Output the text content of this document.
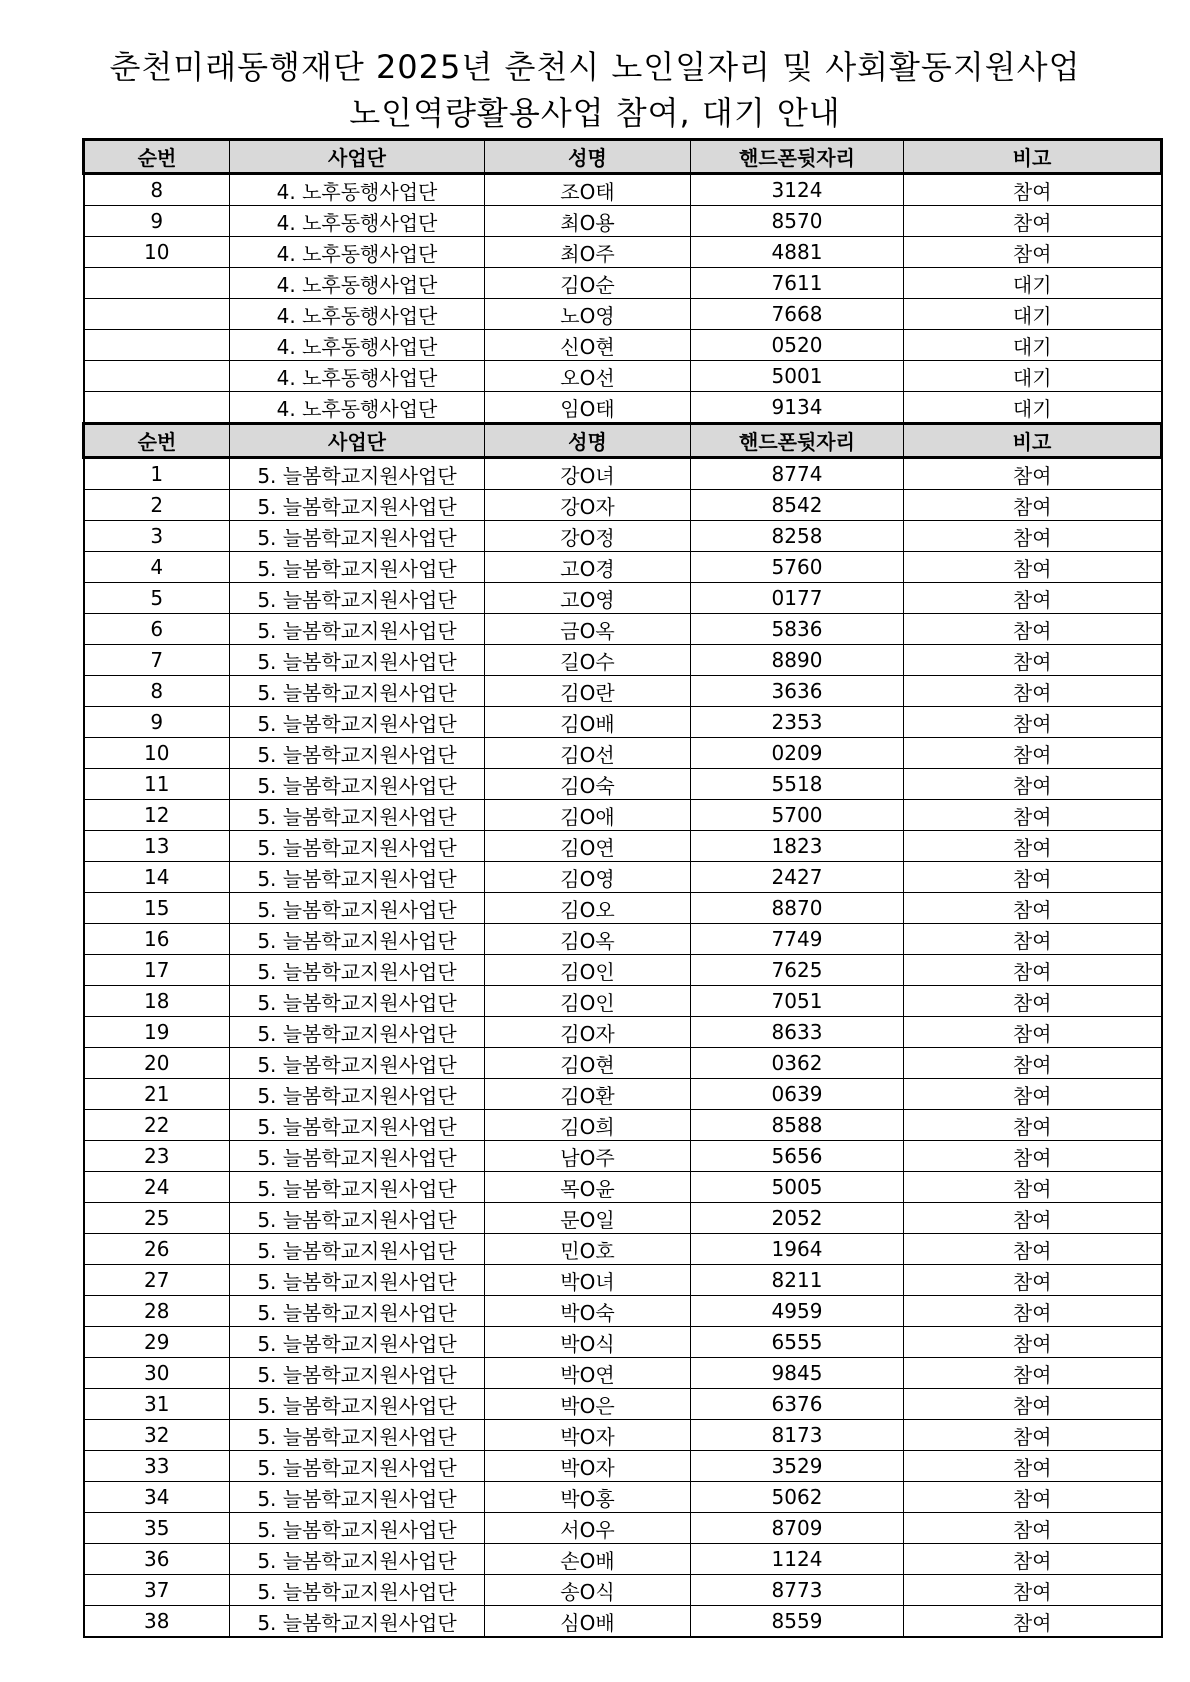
춘천미래동행재단 2025년 춘천시 노인일자리 및 사회활동지원사업
노인역량활용사업 참여, 대기 안내
순번	사업단	성명	핸드폰뒷자리	비고
8	4. 노후동행사업단	조O태	3124	참여
9	4. 노후동행사업단	최O용	8570	참여
10	4. 노후동행사업단	최O주	4881	참여
	4. 노후동행사업단	김O순	7611	대기
	4. 노후동행사업단	노O영	7668	대기
	4. 노후동행사업단	신O현	0520	대기
	4. 노후동행사업단	오O선	5001	대기
	4. 노후동행사업단	임O태	9134	대기
순번	사업단	성명	핸드폰뒷자리	비고
1	5. 늘봄학교지원사업단	강O녀	8774	참여
2	5. 늘봄학교지원사업단	강O자	8542	참여
3	5. 늘봄학교지원사업단	강O정	8258	참여
4	5. 늘봄학교지원사업단	고O경	5760	참여
5	5. 늘봄학교지원사업단	고O영	0177	참여
6	5. 늘봄학교지원사업단	금O옥	5836	참여
7	5. 늘봄학교지원사업단	길O수	8890	참여
8	5. 늘봄학교지원사업단	김O란	3636	참여
9	5. 늘봄학교지원사업단	김O배	2353	참여
10	5. 늘봄학교지원사업단	김O선	0209	참여
11	5. 늘봄학교지원사업단	김O숙	5518	참여
12	5. 늘봄학교지원사업단	김O애	5700	참여
13	5. 늘봄학교지원사업단	김O연	1823	참여
14	5. 늘봄학교지원사업단	김O영	2427	참여
15	5. 늘봄학교지원사업단	김O오	8870	참여
16	5. 늘봄학교지원사업단	김O옥	7749	참여
17	5. 늘봄학교지원사업단	김O인	7625	참여
18	5. 늘봄학교지원사업단	김O인	7051	참여
19	5. 늘봄학교지원사업단	김O자	8633	참여
20	5. 늘봄학교지원사업단	김O현	0362	참여
21	5. 늘봄학교지원사업단	김O환	0639	참여
22	5. 늘봄학교지원사업단	김O희	8588	참여
23	5. 늘봄학교지원사업단	남O주	5656	참여
24	5. 늘봄학교지원사업단	목O윤	5005	참여
25	5. 늘봄학교지원사업단	문O일	2052	참여
26	5. 늘봄학교지원사업단	민O호	1964	참여
27	5. 늘봄학교지원사업단	박O녀	8211	참여
28	5. 늘봄학교지원사업단	박O숙	4959	참여
29	5. 늘봄학교지원사업단	박O식	6555	참여
30	5. 늘봄학교지원사업단	박O연	9845	참여
31	5. 늘봄학교지원사업단	박O은	6376	참여
32	5. 늘봄학교지원사업단	박O자	8173	참여
33	5. 늘봄학교지원사업단	박O자	3529	참여
34	5. 늘봄학교지원사업단	박O홍	5062	참여
35	5. 늘봄학교지원사업단	서O우	8709	참여
36	5. 늘봄학교지원사업단	손O배	1124	참여
37	5. 늘봄학교지원사업단	송O식	8773	참여
38	5. 늘봄학교지원사업단	심O배	8559	참여
